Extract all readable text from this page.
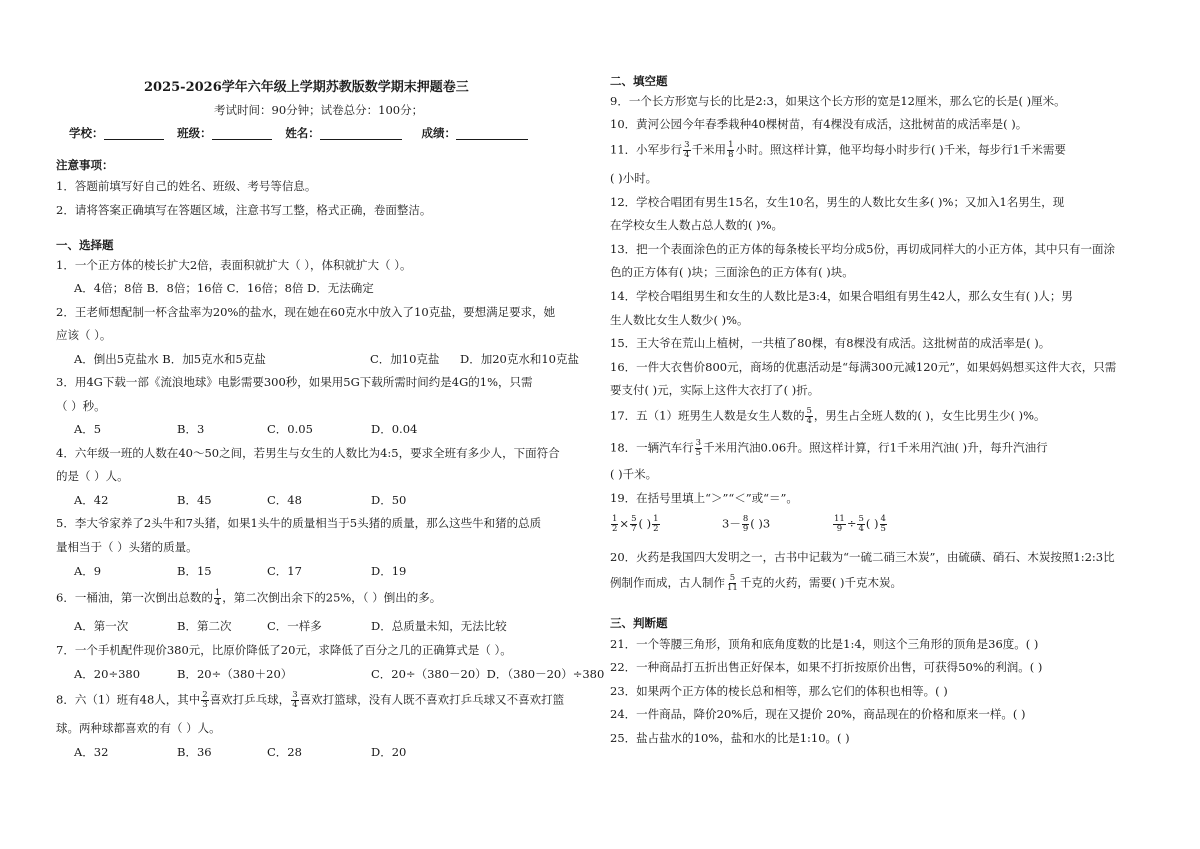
2025-2026学年六年级上学期苏教版数学期末押题卷三
考试时间：90分钟；试卷总分：100分；
学校：	班级：	姓名：	成绩：
注意事项：
1．答题前填写好自己的姓名、班级、考号等信息。
2．请将答案正确填写在答题区域，注意书写工整，格式正确，卷面整洁。
一、选择题
1．一个正方体的棱长扩大2倍，表面积就扩大（ ），体积就扩大（ ）。
A．4倍；8倍 B．8倍；16倍 C．16倍；8倍 D．无法确定
2．王老师想配制一杯含盐率为20%的盐水，现在她在60克水中放入了10克盐，要想满足要求，她
应该（ ）。
A．倒出5克盐水 B．加5克水和5克盐	C．加10克盐 D．加20克水和10克盐
3．用4G下载一部《流浪地球》电影需要300秒，如果用5G下载所需时间约是4G的1%，只需
（ ）秒。
A．5	B．3	C．0.05	D．0.04
4．六年级一班的人数在40～50之间，若男生与女生的人数比为4:5，要求全班有多少人，下面符合
的是（ ）人。
A．42	B．45	C．48	D．50
5．李大爷家养了2头牛和7头猪，如果1头牛的质量相当于5头猪的质量，那么这些牛和猪的总质
量相当于（ ）头猪的质量。
A．9	B．15	C．17	D．19
6．一桶油，第一次倒出总数的 $\frac{1}{4}$ ，第二次倒出余下的25%，（ ）倒出的多。
A．第一次	B．第二次	C．一样多	D．总质量未知，无法比较
7．一个手机配件现价380元，比原价降低了20元，求降低了百分之几的正确算式是（ ）。
A．20÷380	B．20÷（380＋20）	C．20÷（380－20）D．（380－20）÷380
8．六（1）班有48人，其中 $\frac{2}{3}$ 喜欢打乒乓球， $\frac{3}{4}$ 喜欢打篮球，没有人既不喜欢打乒乓球又不喜欢打篮
球。两种球都喜欢的有（ ）人。
A．32	B．36	C．28	D．20
二、填空题
9．一个长方形宽与长的比是2:3，如果这个长方形的宽是12厘米，那么它的长是( )厘米。
10．黄河公园今年春季栽种40棵树苗，有4棵没有成活，这批树苗的成活率是( )。
11．小军步行 $\frac{3}{4}$ 千米用 $\frac{1}{8}$ 小时。照这样计算，他平均每小时步行( )千米，每步行1千米需要
( )小时。
12．学校合唱团有男生15名，女生10名，男生的人数比女生多( )%；又加入1名男生，现
在学校女生人数占总人数的( )%。
13．把一个表面涂色的正方体的每条棱长平均分成5份，再切成同样大的小正方体，其中只有一面涂
色的正方体有( )块；三面涂色的正方体有( )块。
14．学校合唱组男生和女生的人数比是3:4，如果合唱组有男生42人，那么女生有( )人；男
生人数比女生人数少( )%。
15．王大爷在荒山上植树，一共植了80棵，有8棵没有成活。这批树苗的成活率是( )。
16．一件大衣售价800元，商场的优惠活动是“每满300元减120元”，如果妈妈想买这件大衣，只需
要支付( )元，实际上这件大衣打了( )折。
17．五（1）班男生人数是女生人数的 $\frac{5}{4}$ ，男生占全班人数的( )，女生比男生少( )%。
18．一辆汽车行 $\frac{3}{5}$ 千米用汽油0.06升。照这样计算，行1千米用汽油( )升，每升汽油行
( )千米。
19．在括号里填上“＞”“＜”或“＝”。
$\frac{1}{2} \times \frac{5}{7}$ ( ) $\frac{1}{2}$	$3- \frac{8}{9}$ ( )3	$\frac{11}{9} \div \frac{5}{4}$ ( ) $\frac{4}{5}$
20．火药是我国四大发明之一，古书中记载为“一硫二硝三木炭”，由硫磺、硝石、木炭按照1:2:3比
例制作而成，古人制作 $\frac{5}{11}$ 千克的火药，需要( )千克木炭。
三、判断题
21．一个等腰三角形，顶角和底角度数的比是1:4，则这个三角形的顶角是36度。( )
22．一种商品打五折出售正好保本，如果不打折按原价出售，可获得50%的利润。( )
23．如果两个正方体的棱长总和相等，那么它们的体积也相等。( )
24．一件商品，降价20%后，现在又提价 20%，商品现在的价格和原来一样。( )
25．盐占盐水的10%，盐和水的比是1:10。( )
